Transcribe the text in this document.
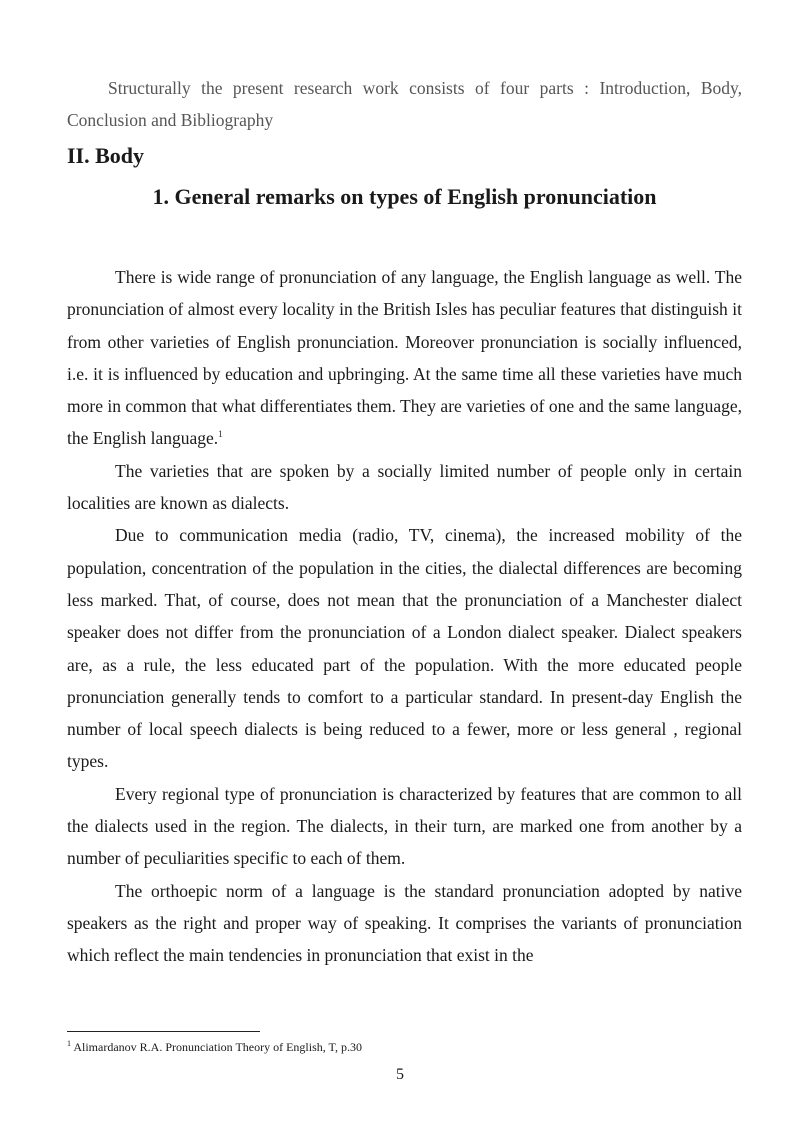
Structurally the present research work consists of four parts : Introduction, Body, Conclusion and Bibliography

II. Body
1. General remarks on types of English pronunciation

There is wide range of pronunciation of any language, the English language as well. The pronunciation of almost every locality in the British Isles has peculiar features that distinguish it from other varieties of English pronunciation. Moreover pronunciation is socially influenced, i.e. it is influenced by education and upbringing. At the same time all these varieties have much more in common that what differentiates them. They are varieties of one and the same language, the English language.$^1$

The varieties that are spoken by a socially limited number of people only in certain localities are known as dialects.

Due to communication media (radio, TV, cinema), the increased mobility of the population, concentration of the population in the cities, the dialectal differences are becoming less marked. That, of course, does not mean that the pronunciation of a Manchester dialect speaker does not differ from the pronunciation of a London dialect speaker. Dialect speakers are, as a rule, the less educated part of the population. With the more educated people pronunciation generally tends to comfort to a particular standard. In present-day English the number of local speech dialects is being reduced to a fewer, more or less general , regional types.

Every regional type of pronunciation is characterized by features that are common to all the dialects used in the region. The dialects, in their turn, are marked one from another by a number of peculiarities specific to each of them.

The orthoepic norm of a language is the standard pronunciation adopted by native speakers as the right and proper way of speaking. It comprises the variants of pronunciation which reflect the main tendencies in pronunciation that exist in the

$^1$ Alimardanov R.A. Pronunciation Theory of English, T, p.30
5
